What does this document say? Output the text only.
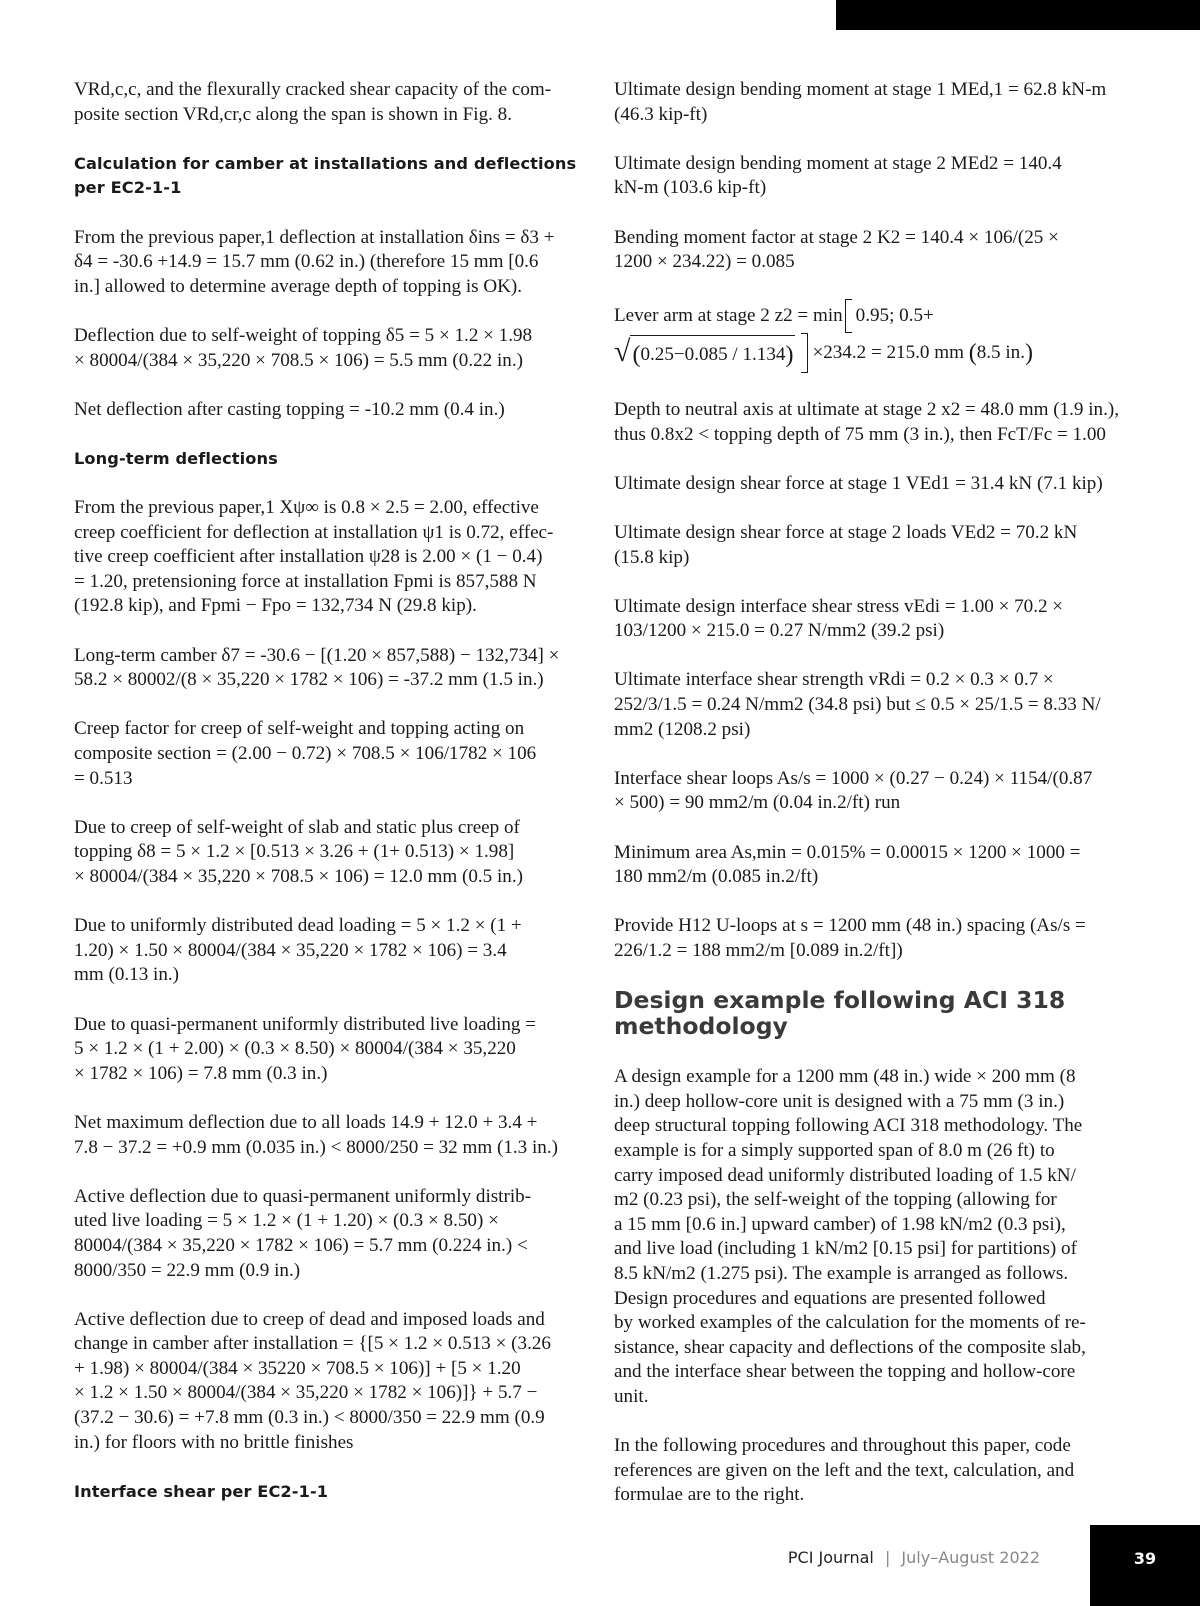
VRd,c,c, and the flexurally cracked shear capacity of the com-
posite section VRd,cr,c along the span is shown in Fig. 8.
Calculation for camber at installations and deflections
per EC2-1-1
From the previous paper,1 deflection at installation δins = δ3 +
δ4 = -30.6 +14.9 = 15.7 mm (0.62 in.) (therefore 15 mm [0.6
in.] allowed to determine average depth of topping is OK).
Deflection due to self-weight of topping δ5 = 5 × 1.2 × 1.98
× 80004/(384 × 35,220 × 708.5 × 106) = 5.5 mm (0.22 in.)
Net deflection after casting topping = -10.2 mm (0.4 in.)
Long-term deflections
From the previous paper,1 Xψ∞ is 0.8 × 2.5 = 2.00, effective
creep coefficient for deflection at installation ψ1 is 0.72, effec-
tive creep coefficient after installation ψ28 is 2.00 × (1 − 0.4)
= 1.20, pretensioning force at installation Fpmi is 857,588 N
(192.8 kip), and Fpmi − Fpo = 132,734 N (29.8 kip).
Long-term camber δ7 = -30.6 − [(1.20 × 857,588) − 132,734] ×
58.2 × 80002/(8 × 35,220 × 1782 × 106) = -37.2 mm (1.5 in.)
Creep factor for creep of self-weight and topping acting on
composite section = (2.00 − 0.72) × 708.5 × 106/1782 × 106
= 0.513
Due to creep of self-weight of slab and static plus creep of
topping δ8 = 5 × 1.2 × [0.513 × 3.26 + (1+ 0.513) × 1.98]
× 80004/(384 × 35,220 × 708.5 × 106) = 12.0 mm (0.5 in.)
Due to uniformly distributed dead loading = 5 × 1.2 × (1 +
1.20) × 1.50 × 80004/(384 × 35,220 × 1782 × 106) = 3.4
mm (0.13 in.)
Due to quasi-permanent uniformly distributed live loading =
5 × 1.2 × (1 + 2.00) × (0.3 × 8.50) × 80004/(384 × 35,220
× 1782 × 106) = 7.8 mm (0.3 in.)
Net maximum deflection due to all loads 14.9 + 12.0 + 3.4 +
7.8 − 37.2 = +0.9 mm (0.035 in.) < 8000/250 = 32 mm (1.3 in.)
Active deflection due to quasi-permanent uniformly distrib-
uted live loading = 5 × 1.2 × (1 + 1.20) × (0.3 × 8.50) ×
80004/(384 × 35,220 × 1782 × 106) = 5.7 mm (0.224 in.) <
8000/350 = 22.9 mm (0.9 in.)
Active deflection due to creep of dead and imposed loads and
change in camber after installation = {[5 × 1.2 × 0.513 × (3.26
+ 1.98) × 80004/(384 × 35220 × 708.5 × 106)] + [5 × 1.20
× 1.2 × 1.50 × 80004/(384 × 35,220 × 1782 × 106)]} + 5.7 −
(37.2 − 30.6) = +7.8 mm (0.3 in.) < 8000/350 = 22.9 mm (0.9
in.) for floors with no brittle finishes
Interface shear per EC2-1-1
Ultimate design bending moment at stage 1 MEd,1 = 62.8 kN-m
(46.3 kip-ft)
Ultimate design bending moment at stage 2 MEd2 = 140.4
kN-m (103.6 kip-ft)
Bending moment factor at stage 2 K2 = 140.4 × 106/(25 ×
1200 × 234.22) = 0.085
Lever arm at stage 2 z2 = min 0.95; 0.5+
√ ( 0.25−0.085 / 1.134 ) ×234.2 = 215.0 mm
( 8.5 in. )
Depth to neutral axis at ultimate at stage 2 x2 = 48.0 mm (1.9 in.),
thus 0.8x2 < topping depth of 75 mm (3 in.), then FcT/Fc = 1.00
Ultimate design shear force at stage 1 VEd1 = 31.4 kN (7.1 kip)
Ultimate design shear force at stage 2 loads VEd2 = 70.2 kN
(15.8 kip)
Ultimate design interface shear stress vEdi = 1.00 × 70.2 ×
103/1200 × 215.0 = 0.27 N/mm2 (39.2 psi)
Ultimate interface shear strength vRdi = 0.2 × 0.3 × 0.7 ×
252/3/1.5 = 0.24 N/mm2 (34.8 psi) but ≤ 0.5 × 25/1.5 = 8.33 N/
mm2 (1208.2 psi)
Interface shear loops As/s = 1000 × (0.27 − 0.24) × 1154/(0.87
× 500) = 90 mm2/m (0.04 in.2/ft) run
Minimum area As,min = 0.015% = 0.00015 × 1200 × 1000 =
180 mm2/m (0.085 in.2/ft)
Provide H12 U-loops at s = 1200 mm (48 in.) spacing (As/s =
226/1.2 = 188 mm2/m [0.089 in.2/ft])
Design example following ACI 318
methodology
A design example for a 1200 mm (48 in.) wide × 200 mm (8
in.) deep hollow-core unit is designed with a 75 mm (3 in.)
deep structural topping following ACI 318 methodology. The
example is for a simply supported span of 8.0 m (26 ft) to
carry imposed dead uniformly distributed loading of 1.5 kN/
m2 (0.23 psi), the self-weight of the topping (allowing for
a 15 mm [0.6 in.] upward camber) of 1.98 kN/m2 (0.3 psi),
and live load (including 1 kN/m2 [0.15 psi] for partitions) of
8.5 kN/m2 (1.275 psi). The example is arranged as follows.
Design procedures and equations are presented followed
by worked examples of the calculation for the moments of re-
sistance, shear capacity and deflections of the composite slab,
and the interface shear between the topping and hollow-core
unit.
In the following procedures and throughout this paper, code
references are given on the left and the text, calculation, and
formulae are to the right.
PCI Journal | July–August 2022	39
